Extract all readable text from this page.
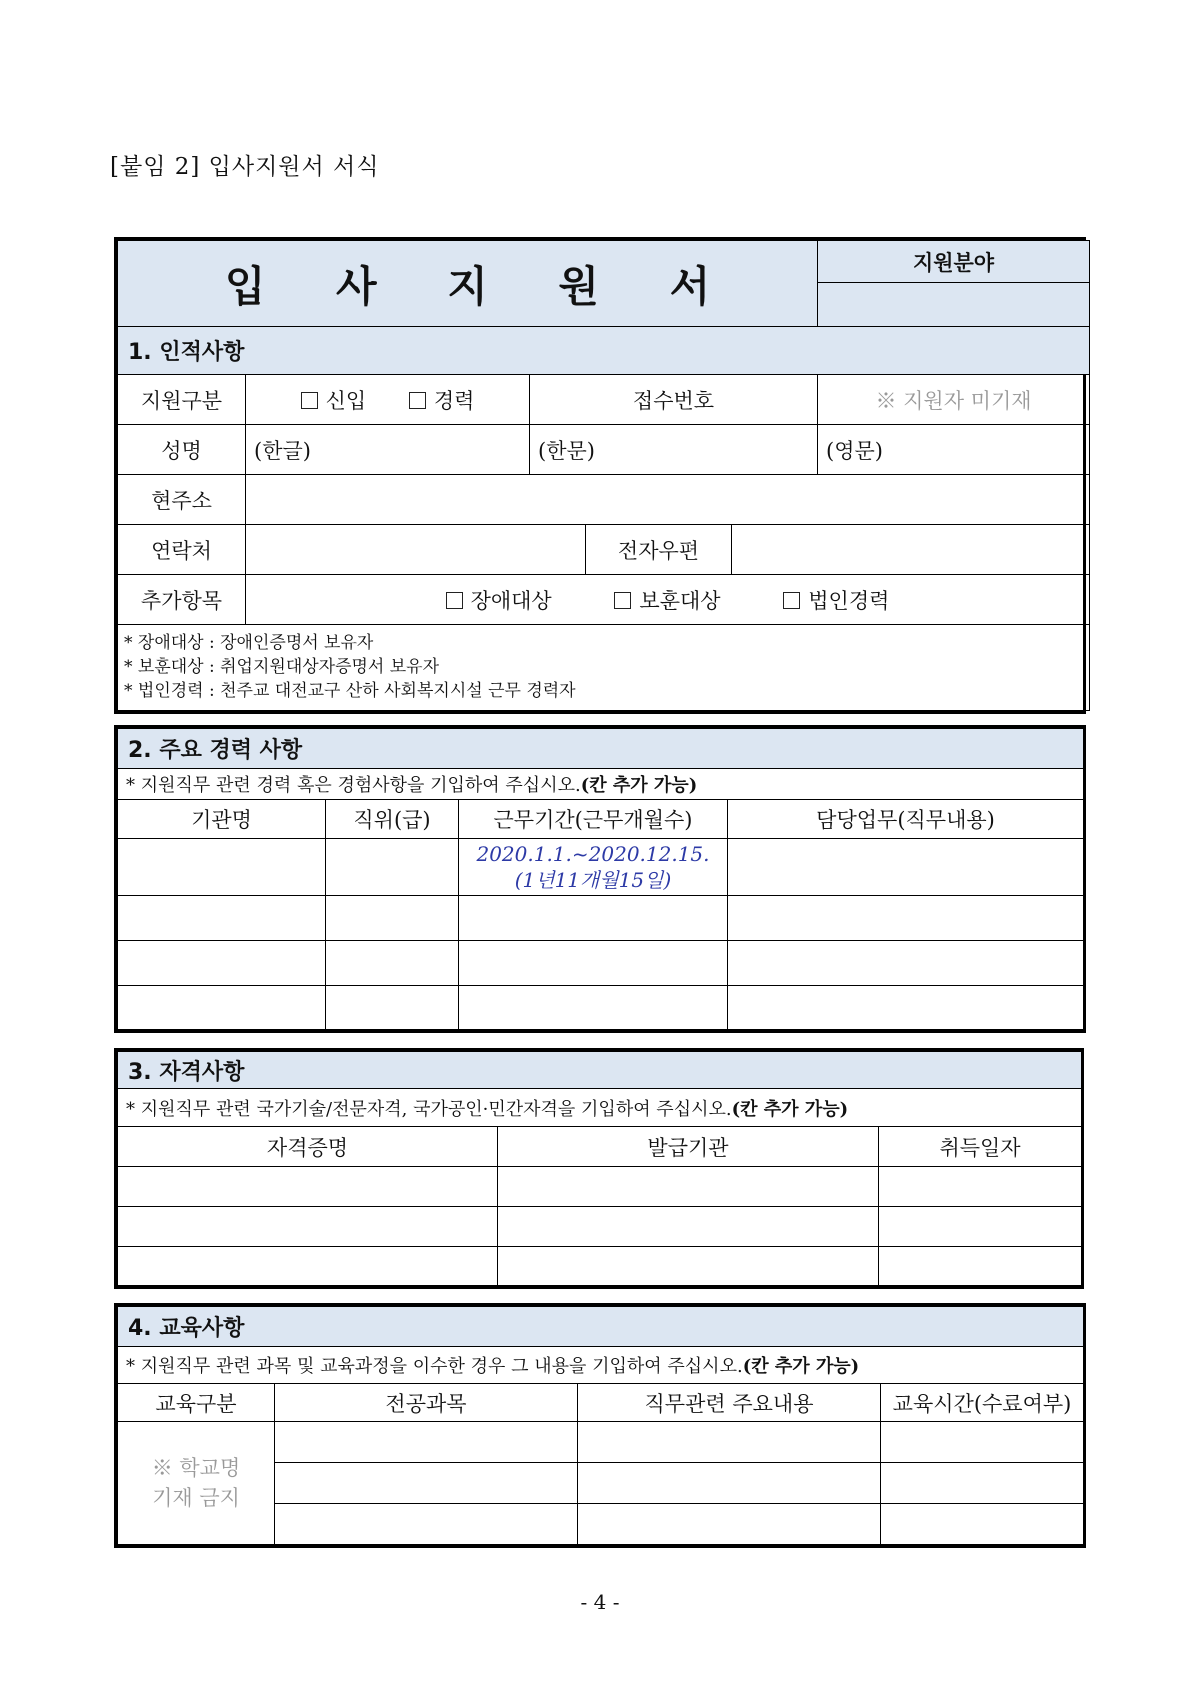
[붙임 2] 입사지원서 서식
입 사 지 원 서					지원분야

1. 인적사항					
지원구분	신입 경력	접수번호			※ 지원자 미기재
성명	(한글)	(한문)			(영문)
현주소					
연락처			전자우편		
추가항목	장애대상 보훈대상 법인경력				

* 장애대상 : 장애인증명서 보유자
* 보훈대상 : 취업지원대상자증명서 보유자
* 법인경력 : 천주교 대전교구 산하 사회복지시설 근무 경력자					
2. 주요 경력 사항			
* 지원직무 관련 경력 혹은 경험사항을 기입하여 주십시오.(칸 추가 가능)			
기관명	직위(급)	근무기간(근무개월수)	담당업무(직무내용)

		2020.1.1.~2020.12.15.
(1년11개월15일)	

3. 자격사항		
* 지원직무 관련 국가기술/전문자격, 국가공인·민간자격을 기입하여 주십시오.(칸 추가 가능)		
자격증명	발급기관	취득일자

4. 교육사항			
* 지원직무 관련 과목 및 교육과정을 이수한 경우 그 내용을 기입하여 주십시오.(칸 추가 가능)			
교육구분	전공과목	직무관련 주요내용	교육시간(수료여부)

※ 학교명
기재 금지			

- 4 -
